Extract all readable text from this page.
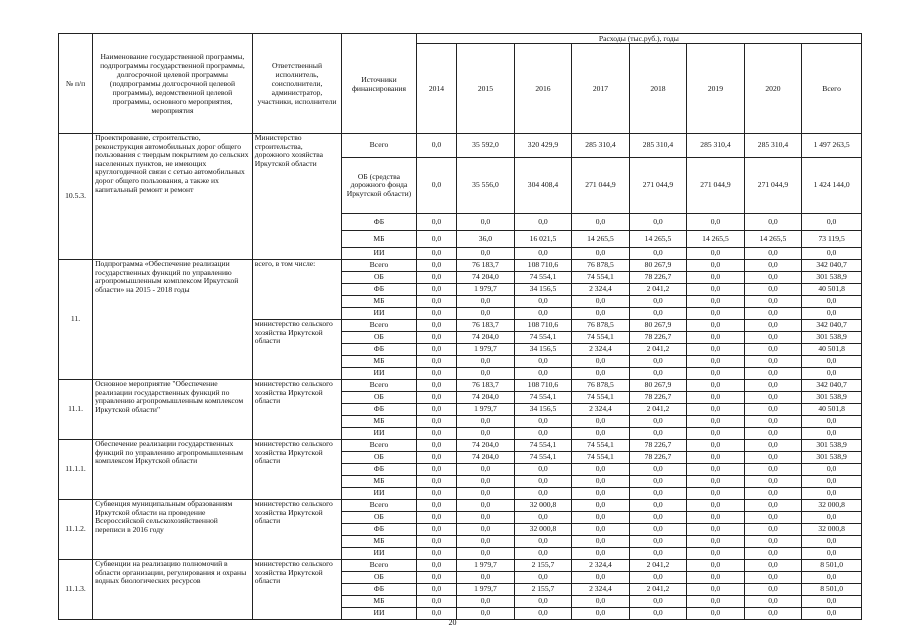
№ п/п	Наименование государственной программы, подпрограммы государственной программы, долгосрочной целевой программы (подпрограммы долгосрочной целевой программы), ведомственной целевой программы, основного мероприятия, мероприятия	Ответственный исполнитель, соисполнители, администратор, участники, исполнители	Источники финансирования	Расходы (тыс.руб.), годы							
				2014	2015	2016	2017	2018	2019	2020	Всего
10.5.3.	Проектирование, строительство, реконструкция автомобильных дорог общего пользования с твердым покрытием до сельских населенных пунктов, не имеющих круглогодичной связи с сетью автомобильных дорог общего пользования, а также их капитальный ремонт и ремонт	Министерство строительства, дорожного хозяйства Иркутской области	Всего	0,0	35 592,0	320 429,9	285 310,4	285 310,4	285 310,4	285 310,4	1 497 263,5
			ОБ (средства дорожного фонда Иркутской области)	0,0	35 556,0	304 408,4	271 044,9	271 044,9	271 044,9	271 044,9	1 424 144,0
			ФБ	0,0	0,0	0,0	0,0	0,0	0,0	0,0	0,0
			МБ	0,0	36,0	16 021,5	14 265,5	14 265,5	14 265,5	14 265,5	73 119,5
			ИИ	0,0	0,0	0,0	0,0	0,0	0,0	0,0	0,0
11.	Подпрограмма «Обеспечение реализации государственных функций по управлению агропромышленным комплексом Иркутской области» на 2015 - 2018 годы	всего, в том числе:	Всего	0,0	76 183,7	108 710,6	76 878,5	80 267,9	0,0	0,0	342 040,7
			ОБ	0,0	74 204,0	74 554,1	74 554,1	78 226,7	0,0	0,0	301 538,9
			ФБ	0,0	1 979,7	34 156,5	2 324,4	2 041,2	0,0	0,0	40 501,8
			МБ	0,0	0,0	0,0	0,0	0,0	0,0	0,0	0,0
			ИИ	0,0	0,0	0,0	0,0	0,0	0,0	0,0	0,0
		министерство сельского хозяйства Иркутской области	Всего	0,0	76 183,7	108 710,6	76 878,5	80 267,9	0,0	0,0	342 040,7
			ОБ	0,0	74 204,0	74 554,1	74 554,1	78 226,7	0,0	0,0	301 538,9
			ФБ	0,0	1 979,7	34 156,5	2 324,4	2 041,2	0,0	0,0	40 501,8
			МБ	0,0	0,0	0,0	0,0	0,0	0,0	0,0	0,0
			ИИ	0,0	0,0	0,0	0,0	0,0	0,0	0,0	0,0
11.1.	Основное мероприятие "Обеспечение реализации государственных функций по управлению агропромышленным комплексом Иркутской области"	министерство сельского хозяйства Иркутской области	Всего	0,0	76 183,7	108 710,6	76 878,5	80 267,9	0,0	0,0	342 040,7
			ОБ	0,0	74 204,0	74 554,1	74 554,1	78 226,7	0,0	0,0	301 538,9
			ФБ	0,0	1 979,7	34 156,5	2 324,4	2 041,2	0,0	0,0	40 501,8
			МБ	0,0	0,0	0,0	0,0	0,0	0,0	0,0	0,0
			ИИ	0,0	0,0	0,0	0,0	0,0	0,0	0,0	0,0
11.1.1.	Обеспечение реализации государственных функций по управлению агропромышленным комплексом Иркутской области	министерство сельского хозяйства Иркутской области	Всего	0,0	74 204,0	74 554,1	74 554,1	78 226,7	0,0	0,0	301 538,9
			ОБ	0,0	74 204,0	74 554,1	74 554,1	78 226,7	0,0	0,0	301 538,9
			ФБ	0,0	0,0	0,0	0,0	0,0	0,0	0,0	0,0
			МБ	0,0	0,0	0,0	0,0	0,0	0,0	0,0	0,0
			ИИ	0,0	0,0	0,0	0,0	0,0	0,0	0,0	0,0
11.1.2.	Субвенция муниципальным образованиям Иркутской области на проведение Всероссийской сельскохозяйственной переписи в 2016 году	министерство сельского хозяйства Иркутской области	Всего	0,0	0,0	32 000,8	0,0	0,0	0,0	0,0	32 000,8
			ОБ	0,0	0,0	0,0	0,0	0,0	0,0	0,0	0,0
			ФБ	0,0	0,0	32 000,8	0,0	0,0	0,0	0,0	32 000,8
			МБ	0,0	0,0	0,0	0,0	0,0	0,0	0,0	0,0
			ИИ	0,0	0,0	0,0	0,0	0,0	0,0	0,0	0,0
11.1.3.	Субвенции на реализацию полномочий в области организации, регулирования и охраны водных биологических ресурсов	министерство сельского хозяйства Иркутской области	Всего	0,0	1 979,7	2 155,7	2 324,4	2 041,2	0,0	0,0	8 501,0
			ОБ	0,0	0,0	0,0	0,0	0,0	0,0	0,0	0,0
			ФБ	0,0	1 979,7	2 155,7	2 324,4	2 041,2	0,0	0,0	8 501,0
			МБ	0,0	0,0	0,0	0,0	0,0	0,0	0,0	0,0
			ИИ	0,0	0,0	0,0	0,0	0,0	0,0	0,0	0,0
20
